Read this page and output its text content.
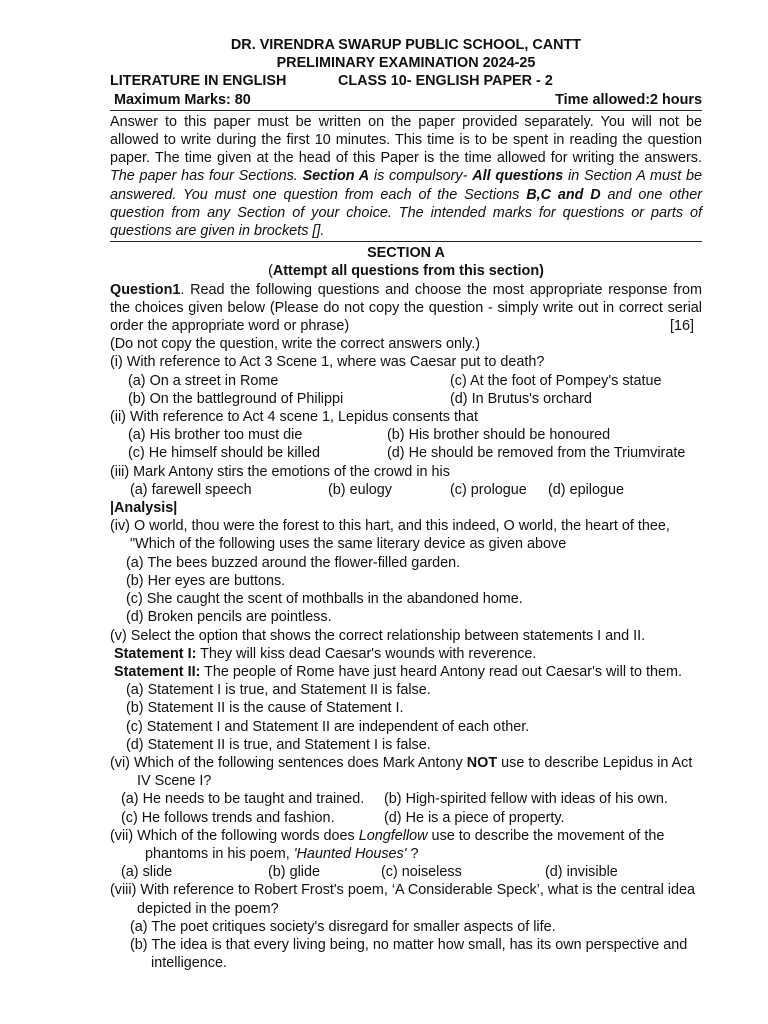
DR. VIRENDRA SWARUP PUBLIC SCHOOL, CANTT
PRELIMINARY EXAMINATION 2024-25
LITERATURE IN ENGLISH	CLASS 10- ENGLISH PAPER - 2
Maximum Marks: 80	Time allowed:2 hours
Answer to this paper must be written on the paper provided separately. You will not be
allowed to write during the first 10 minutes. This time is to be spent in reading the question
paper. The time given at the head of this Paper is the time allowed for writing the answers.
The paper has four Sections. Section A is compulsory- All questions in Section A must be
answered. You must one question from each of the Sections B,C and D and one other
question from any Section of your choice. The intended marks for questions or parts of
questions are given in brockets [].
SECTION A
(Attempt all questions from this section)
Question1. Read the following questions and choose the most appropriate response from
the choices given below (Please do not copy the question - simply write out in correct serial
order the appropriate word or phrase)	[16]
(Do not copy the question, write the correct answers only.)
(i) With reference to Act 3 Scene 1, where was Caesar put to death?
(a) On a street in Rome	(c) At the foot of Pompey's statue
(b) On the battleground of Philippi	(d) In Brutus's orchard
(ii) With reference to Act 4 scene 1, Lepidus consents that
(a) His brother too must die	(b) His brother should be honoured
(c) He himself should be killed	(d) He should be removed from the Triumvirate
(iii) Mark Antony stirs the emotions of the crowd in his
(a) farewell speech	(b) eulogy	(c) prologue	(d) epilogue
|Analysis|
(iv) O world, thou were the forest to this hart, and this indeed, O world, the heart of thee,
"Which of the following uses the same literary device as given above
(a) The bees buzzed around the flower-filled garden.
(b) Her eyes are buttons.
(c) She caught the scent of mothballs in the abandoned home.
(d) Broken pencils are pointless.
(v) Select the option that shows the correct relationship between statements I and II.
Statement I: They will kiss dead Caesar's wounds with reverence.
Statement II: The people of Rome have just heard Antony read out Caesar's will to them.
(a) Statement I is true, and Statement II is false.
(b) Statement II is the cause of Statement I.
(c) Statement I and Statement II are independent of each other.
(d) Statement II is true, and Statement I is false.
(vi) Which of the following sentences does Mark Antony NOT use to describe Lepidus in Act
IV Scene I?
(a) He needs to be taught and trained.	(b) High-spirited fellow with ideas of his own.
(c) He follows trends and fashion.	(d) He is a piece of property.
(vii) Which of the following words does Longfellow use to describe the movement of the
phantoms in his poem, 'Haunted Houses' ?
(a) slide	(b) glide	(c) noiseless	(d) invisible
(viii) With reference to Robert Frost's poem, ‘A Considerable Speck’, what is the central idea
depicted in the poem?
(a) The poet critiques society's disregard for smaller aspects of life.
(b) The idea is that every living being, no matter how small, has its own perspective and
intelligence.
